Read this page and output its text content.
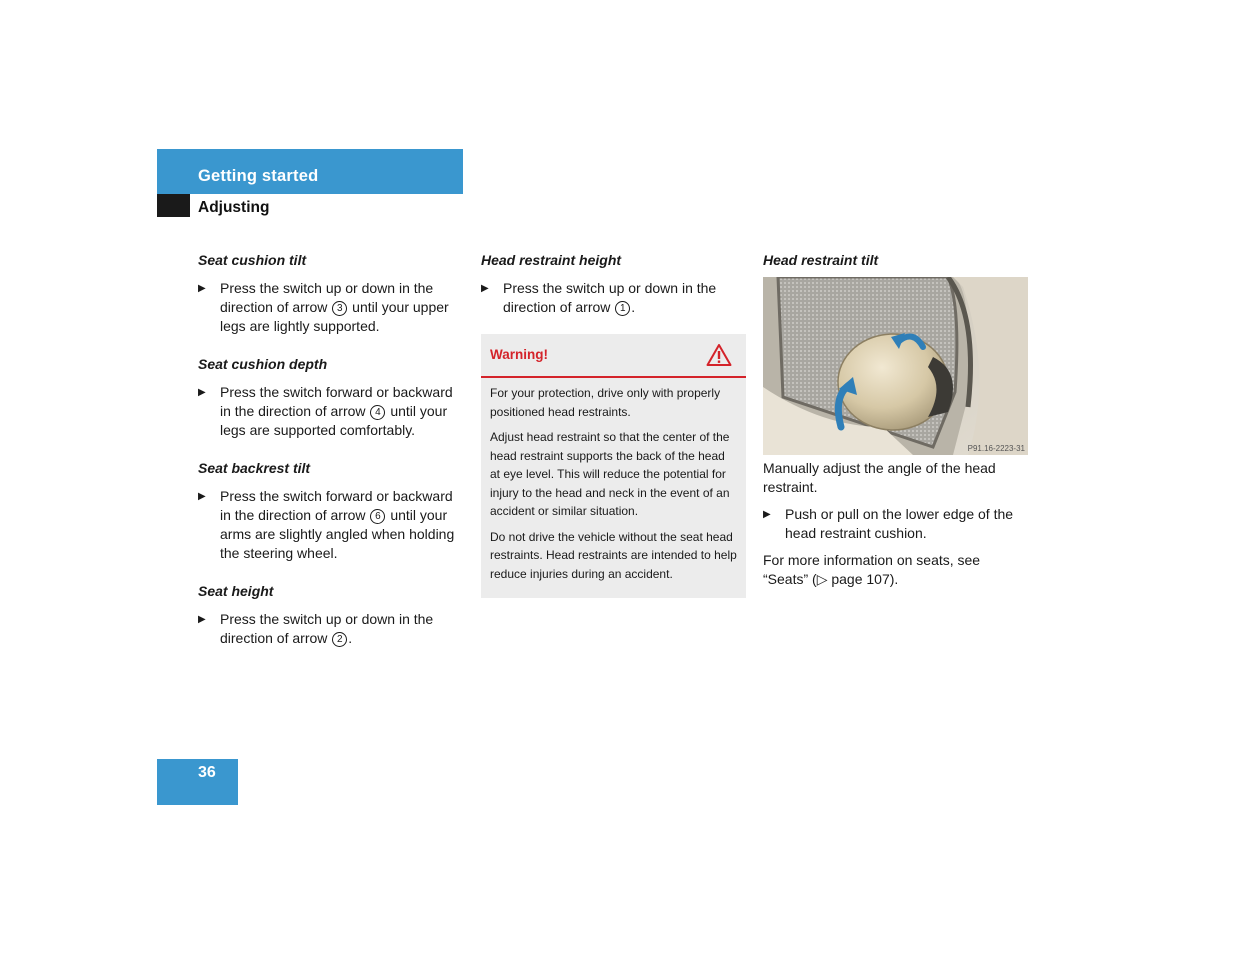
Getting started
Adjusting

Seat cushion tilt

▶ Press the switch up or down in the direction of arrow 3 until your upper legs are lightly supported.

Seat cushion depth

▶ Press the switch forward or backward in the direction of arrow 4 until your legs are supported comfortably.

Seat backrest tilt

▶ Press the switch forward or backward in the direction of arrow 6 until your arms are slightly angled when holding the steering wheel.

Seat height

▶ Press the switch up or down in the direction of arrow 2 .

Head restraint height

▶ Press the switch up or down in the direction of arrow 1 .
Warning!

For your protection, drive only with properly positioned head restraints.

Adjust head restraint so that the center of the head restraint supports the back of the head at eye level. This will reduce the potential for injury to the head and neck in the event of an accident or similar situation.

Do not drive the vehicle without the seat head restraints. Head restraints are intended to help reduce injuries during an accident.

Head restraint tilt

P91.16-2223-31
Manually adjust the angle of the head restraint.
▶ Push or pull on the lower edge of the head restraint cushion.
For more information on seats, see “Seats” (▷ page 107).
36
